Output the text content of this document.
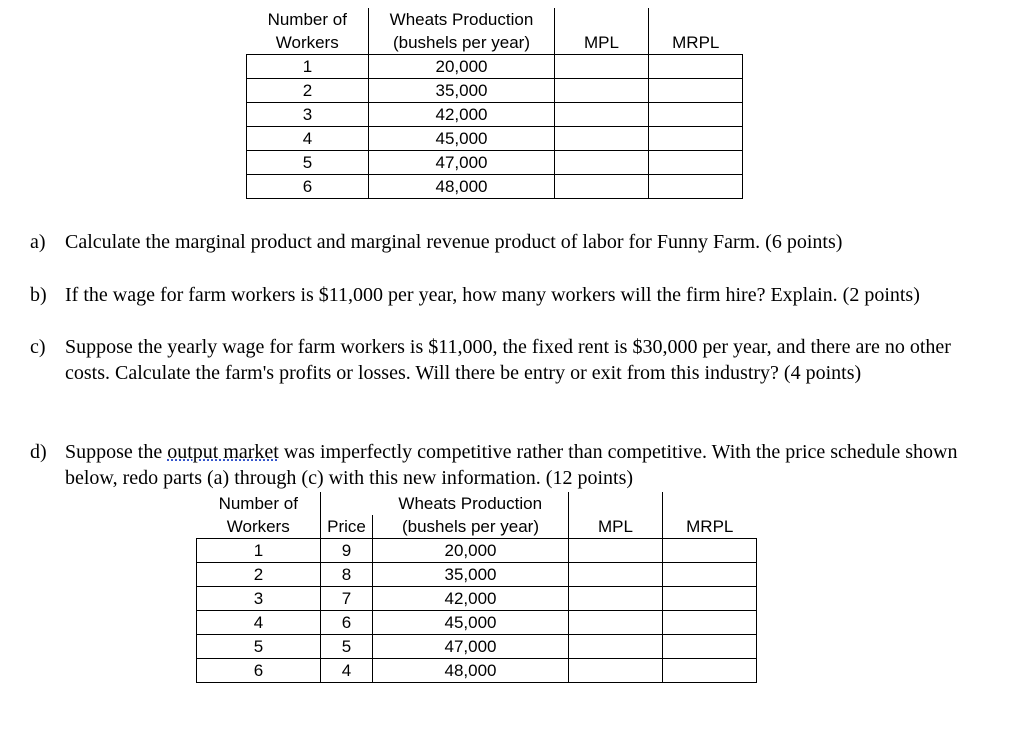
Number of	Wheats Production		
Workers	(bushels per year)	MPL	MRPL
1	20,000		
2	35,000		
3	42,000		
4	45,000		
5	47,000		
6	48,000		
a) Calculate the marginal product and marginal revenue product of labor for Funny Farm. (6 points)
b) If the wage for farm workers is $11,000 per year, how many workers will the firm hire? Explain. (2 points)
c) Suppose the yearly wage for farm workers is $11,000, the fixed rent is $30,000 per year, and there are no other costs. Calculate the farm's profits or losses. Will there be entry or exit from this industry? (4 points)
d) Suppose the output market was imperfectly competitive rather than competitive. With the price schedule shown below, redo parts (a) through (c) with this new information. (12 points)
Number of		Wheats Production		
Workers	Price	(bushels per year)	MPL	MRPL
1	9	20,000		
2	8	35,000		
3	7	42,000		
4	6	45,000		
5	5	47,000		
6	4	48,000		
